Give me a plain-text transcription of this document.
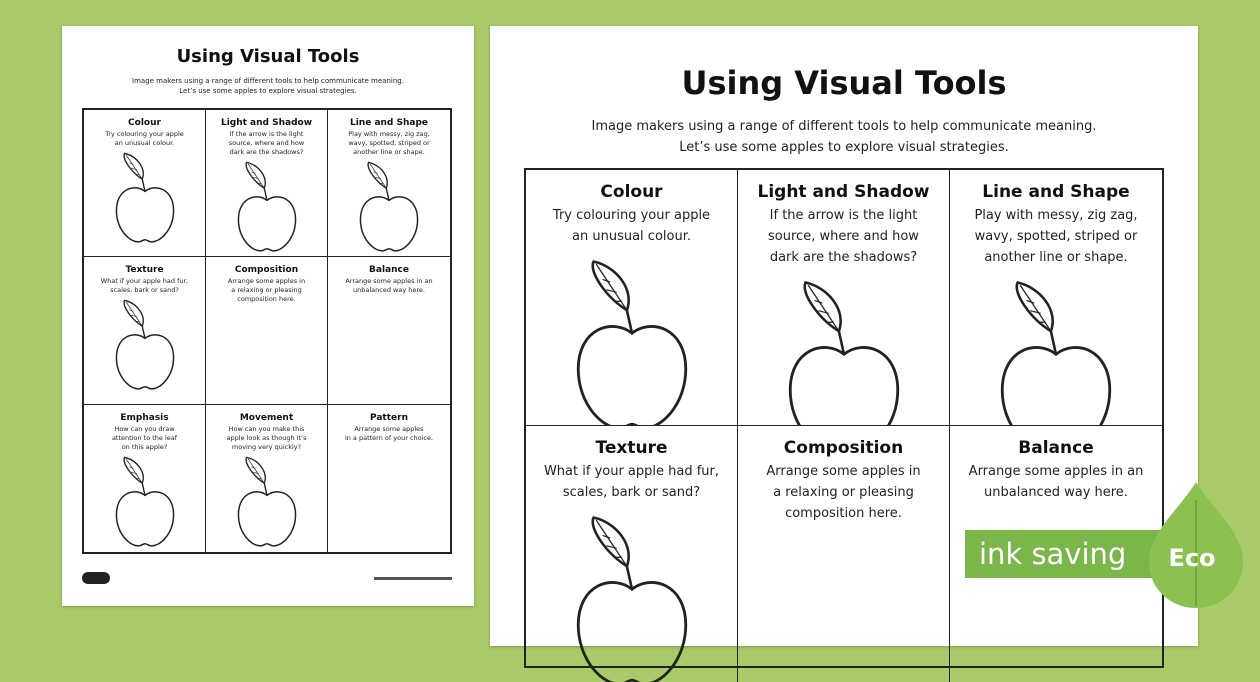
Using Visual Tools
Image makers using a range of different tools to help communicate meaning.
Let’s use some apples to explore visual strategies.
Colour
Try colouring your apple
an unusual colour.
Light and Shadow
If the arrow is the light
source, where and how
dark are the shadows?
Line and Shape
Play with messy, zig zag,
wavy, spotted, striped or
another line or shape.
Texture
What if your apple had fur,
scales, bark or sand?
Composition
Arrange some apples in
a relaxing or pleasing
composition here.
Balance
Arrange some apples in an
unbalanced way here.
Emphasis
How can you draw
attention to the leaf
on this apple?
Movement
How can you make this
apple look as though it’s
moving very quickly?
Pattern
Arrange some apples
in a pattern of your choice.
Using Visual Tools
Image makers using a range of different tools to help communicate meaning.
Let’s use some apples to explore visual strategies.
Colour
Try colouring your apple
an unusual colour.
Light and Shadow
If the arrow is the light
source, where and how
dark are the shadows?
Line and Shape
Play with messy, zig zag,
wavy, spotted, striped or
another line or shape.
Texture
What if your apple had fur,
scales, bark or sand?
Composition
Arrange some apples in
a relaxing or pleasing
composition here.
Balance
Arrange some apples in an
unbalanced way here.
ink saving	Eco
